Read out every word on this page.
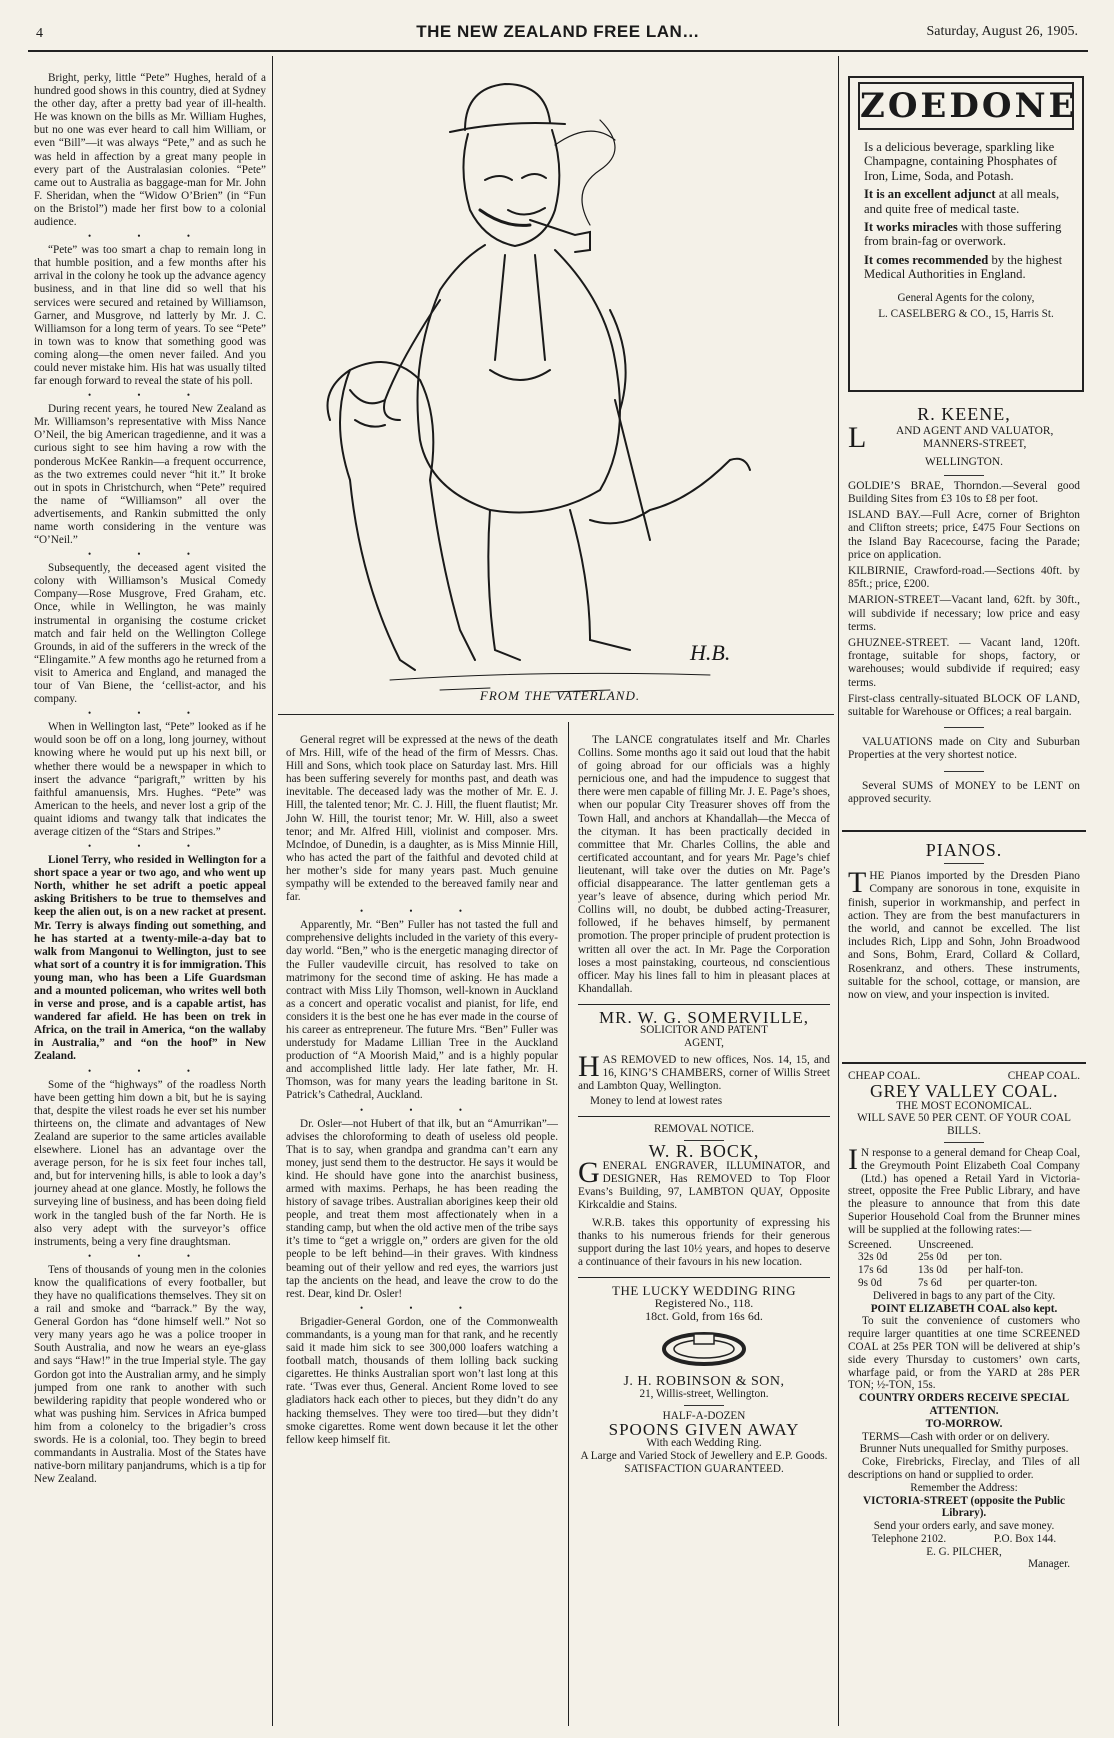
4	THE NEW ZEALAND FREE LAN…	Saturday, August 26, 1905.

Bright, perky, little “Pete” Hughes, herald of a hundred good shows in this country, died at Sydney the other day, after a pretty bad year of ill-health. He was known on the bills as Mr. William Hughes, but no one was ever heard to call him William, or even “Bill”—it was always “Pete,” and as such he was held in affection by a great many people in every part of the Australasian colonies. “Pete” came out to Australia as baggage-man for Mr. John F. Sheridan, when the “Widow O’Brien” (in “Fun on the Bristol”) made her first bow to a colonial audience.

• • •

“Pete” was too smart a chap to remain long in that humble position, and a few months after his arrival in the colony he took up the advance agency business, and in that line did so well that his services were secured and retained by Williamson, Garner, and Musgrove, nd latterly by Mr. J. C. Williamson for a long term of years. To see “Pete” in town was to know that something good was coming along—the omen never failed. And you could never mistake him. His hat was usually tilted far enough forward to reveal the state of his poll.

• • •

During recent years, he toured New Zealand as Mr. Williamson’s representative with Miss Nance O’Neil, the big American tragedienne, and it was a curious sight to see him having a row with the ponderous McKee Rankin—a frequent occurrence, as the two extremes could never “hit it.” It broke out in spots in Christchurch, when “Pete” required the name of “Williamson” all over the advertisements, and Rankin submitted the only name worth considering in the venture was “O’Neil.”

• • •

Subsequently, the deceased agent visited the colony with Williamson’s Musical Comedy Company—Rose Musgrove, Fred Graham, etc. Once, while in Wellington, he was mainly instrumental in organising the costume cricket match and fair held on the Wellington College Grounds, in aid of the sufferers in the wreck of the “Elingamite.” A few months ago he returned from a visit to America and England, and managed the tour of Van Biene, the ‘cellist-actor, and his company.

• • •

When in Wellington last, “Pete” looked as if he would soon be off on a long, long journey, without knowing where he would put up his next bill, or whether there would be a newspaper in which to insert the advance “parigraft,” written by his faithful amanuensis, Mrs. Hughes. “Pete” was American to the heels, and never lost a grip of the quaint idioms and twangy talk that indicates the average citizen of the “Stars and Stripes.”

• • •

Lionel Terry, who resided in Wellington for a short space a year or two ago, and who went up North, whither he set adrift a poetic appeal asking Britishers to be true to themselves and keep the alien out, is on a new racket at present. Mr. Terry is always finding out something, and he has started at a twenty-mile-a-day bat to walk from Mangonui to Wellington, just to see what sort of a country it is for immigration. This young man, who has been a Life Guardsman and a mounted policeman, who writes well both in verse and prose, and is a capable artist, has wandered far afield. He has been on trek in Africa, on the trail in America, “on the wallaby in Australia,” and “on the hoof” in New Zealand.

• • •

Some of the “highways” of the roadless North have been getting him down a bit, but he is saying that, despite the vilest roads he ever set his number thirteens on, the climate and advantages of New Zealand are superior to the same articles available elsewhere. Lionel has an advantage over the average person, for he is six feet four inches tall, and, but for intervening hills, is able to look a day’s journey ahead at one glance. Mostly, he follows the surveying line of business, and has been doing field work in the tangled bush of the far North. He is also very adept with the surveyor’s office instruments, being a very fine draughtsman.

• • •

Tens of thousands of young men in the colonies know the qualifications of every footballer, but they have no qualifications themselves. They sit on a rail and smoke and “barrack.” By the way, General Gordon has “done himself well.” Not so very many years ago he was a police trooper in South Australia, and now he wears an eye-glass and says “Haw!” in the true Imperial style. The gay Gordon got into the Australian army, and he simply jumped from one rank to another with such bewildering rapidity that people wondered who or what was pushing him. Services in Africa bumped him from a colonelcy to the brigadier’s cross swords. He is a colonial, too. They begin to breed commandants in Australia. Most of the States have native-born military panjandrums, which is a tip for New Zealand.

H.B.
FROM THE VATERLAND.

General regret will be expressed at the news of the death of Mrs. Hill, wife of the head of the firm of Messrs. Chas. Hill and Sons, which took place on Saturday last. Mrs. Hill has been suffering severely for months past, and death was inevitable. The deceased lady was the mother of Mr. E. J. Hill, the talented tenor; Mr. C. J. Hill, the fluent flautist; Mr. John W. Hill, the tourist tenor; Mr. W. Hill, also a sweet tenor; and Mr. Alfred Hill, violinist and composer. Mrs. McIndoe, of Dunedin, is a daughter, as is Miss Minnie Hill, who has acted the part of the faithful and devoted child at her mother’s side for many years past. Much genuine sympathy will be extended to the bereaved family near and far.

• • •

Apparently, Mr. “Ben” Fuller has not tasted the full and comprehensive delights included in the variety of this every-day world. “Ben,” who is the energetic managing director of the Fuller vaudeville circuit, has resolved to take on matrimony for the second time of asking. He has made a contract with Miss Lily Thomson, well-known in Auckland as a concert and operatic vocalist and pianist, for life, end considers it is the best one he has ever made in the course of his career as entrepreneur. The future Mrs. “Ben” Fuller was understudy for Madame Lillian Tree in the Auckland production of “A Moorish Maid,” and is a highly popular and accomplished little lady. Her late father, Mr. H. Thomson, was for many years the leading baritone in St. Patrick’s Cathedral, Auckland.

• • •

Dr. Osler—not Hubert of that ilk, but an “Amurrikan”—advises the chloroforming to death of useless old people. That is to say, when grandpa and grandma can’t earn any money, just send them to the destructor. He says it would be kind. He should have gone into the anarchist business, armed with maxims. Perhaps, he has been reading the history of savage tribes. Australian aborigines keep their old people, and treat them most affectionately when in a standing camp, but when the old active men of the tribe says it’s time to “get a wriggle on,” orders are given for the old people to be left behind—in their graves. With kindness beaming out of their yellow and red eyes, the warriors just tap the ancients on the head, and leave the crow to do the rest. Dear, kind Dr. Osler!

• • •

Brigadier-General Gordon, one of the Commonwealth commandants, is a young man for that rank, and he recently said it made him sick to see 300,000 loafers watching a football match, thousands of them lolling back sucking cigarettes. He thinks Australian sport won’t last long at this rate. ‘Twas ever thus, General. Ancient Rome loved to see gladiators hack each other to pieces, but they didn’t do any hacking themselves. They were too tired—but they didn’t smoke cigarettes. Rome went down because it let the other fellow keep himself fit.

The LANCE congratulates itself and Mr. Charles Collins. Some months ago it said out loud that the habit of going abroad for our officials was a highly pernicious one, and had the impudence to suggest that there were men capable of filling Mr. J. E. Page’s shoes, when our popular City Treasurer shoves off from the Town Hall, and anchors at Khandallah—the Mecca of the cityman. It has been practically decided in committee that Mr. Charles Collins, the able and certificated accountant, and for years Mr. Page’s chief lieutenant, will take over the duties on Mr. Page’s official disappearance. The latter gentleman gets a year’s leave of absence, during which period Mr. Collins will, no doubt, be dubbed acting-Treasurer, followed, if he behaves himself, by permanent promotion. The proper principle of prudent protection is written all over the act. In Mr. Page the Corporation loses a most painstaking, courteous, nd conscientious officer. May his lines fall to him in pleasant places at Khandallah.

MR. W. G. SOMERVILLE,
SOLICITOR AND PATENT
AGENT,
HAS REMOVED to new offices, Nos. 14, 15, and 16, KING’S CHAMBERS, corner of Willis Street and Lambton Quay, Wellington.
Money to lend at lowest rates
REMOVAL NOTICE.
W. R. BOCK,
GENERAL ENGRAVER, ILLUMINATOR, and DESIGNER, Has REMOVED to Top Floor Evans’s Building, 97, LAMBTON QUAY, Opposite Kirkcaldie and Stains.

W.R.B. takes this opportunity of expressing his thanks to his numerous friends for their generous support during the last 10½ years, and hopes to deserve a continuance of their favours in his new location.

THE LUCKY WEDDING RING
Registered No., 118.
18ct. Gold, from 16s 6d.
J. H. ROBINSON & SON,
21, Willis-street, Wellington.
HALF-A-DOZEN
SPOONS GIVEN AWAY
With each Wedding Ring.
A Large and Varied Stock of Jewellery and E.P. Goods.
SATISFACTION GUARANTEED.
ZOEDONE

Is a delicious beverage, sparkling like Champagne, containing Phosphates of Iron, Lime, Soda, and Potash.

It is an excellent adjunct at all meals, and quite free of medical taste.

It works miracles with those suffering from brain-fag or overwork.

It comes recommended by the highest Medical Authorities in England.

General Agents for the colony,
L. CASELBERG & CO., 15, Harris St.
R. KEENE,
L	AND AGENT AND VALUATOR,
MANNERS-STREET,
WELLINGTON.

GOLDIE’S BRAE, Thorndon.—Several good Building Sites from £3 10s to £8 per foot.

ISLAND BAY.—Full Acre, corner of Brighton and Clifton streets; price, £475 Four Sections on the Island Bay Racecourse, facing the Parade; price on application.

KILBIRNIE, Crawford-road.—Sections 40ft. by 85ft.; price, £200.

MARION-STREET—Vacant land, 62ft. by 30ft., will subdivide if necessary; low price and easy terms.

GHUZNEE-STREET. — Vacant land, 120ft. frontage, suitable for shops, factory, or warehouses; would subdivide if required; easy terms.

First-class centrally-situated BLOCK OF LAND, suitable for Warehouse or Offices; a real bargain.

VALUATIONS made on City and Suburban Properties at the very shortest notice.

Several SUMS of MONEY to be LENT on approved security.

PIANOS.
THE Pianos imported by the Dresden Piano Company are sonorous in tone, exquisite in finish, superior in workmanship, and perfect in action. They are from the best manufacturers in the world, and cannot be excelled. The list includes Rich, Lipp and Sohn, John Broadwood and Sons, Bohm, Erard, Collard & Collard, Rosenkranz, and others. These instruments, suitable for the school, cottage, or mansion, are now on view, and your inspection is invited.
CHEAP COAL.	CHEAP COAL.
GREY VALLEY COAL.
THE MOST ECONOMICAL.
WILL SAVE 50 PER CENT. OF YOUR COAL BILLS.
I N response to a general demand for Cheap Coal, the Greymouth Point Elizabeth Coal Company (Ltd.) has opened a Retail Yard in Victoria-street, opposite the Free Public Library, and have the pleasure to announce that from this date Superior Household Coal from the Brunner mines will be supplied at the following rates:—
Screened. Unscreened.
32s 0d	25s 0d per ton.
17s 6d	13s 0d per half-ton.
9s 0d	7s 6d per quarter-ton.
Delivered in bags to any part of the City.
POINT ELIZABETH COAL also kept.

To suit the convenience of customers who require larger quantities at one time SCREENED COAL at 25s PER TON will be delivered at ship’s side every Thursday to customers’ own carts, wharfage paid, or from the YARD at 28s PER TON; ½-TON, 15s.

COUNTRY ORDERS RECEIVE SPECIAL ATTENTION.
TO-MORROW.

TERMS—Cash with order or on delivery.

Brunner Nuts unequalled for Smithy purposes.

Coke, Firebricks, Fireclay, and Tiles of all descriptions on hand or supplied to order.

Remember the Address:
VICTORIA-STREET (opposite the Public Library).
Send your orders early, and save money.
Telephone 2102.	P.O. Box 144.
E. G. PILCHER,
Manager.
